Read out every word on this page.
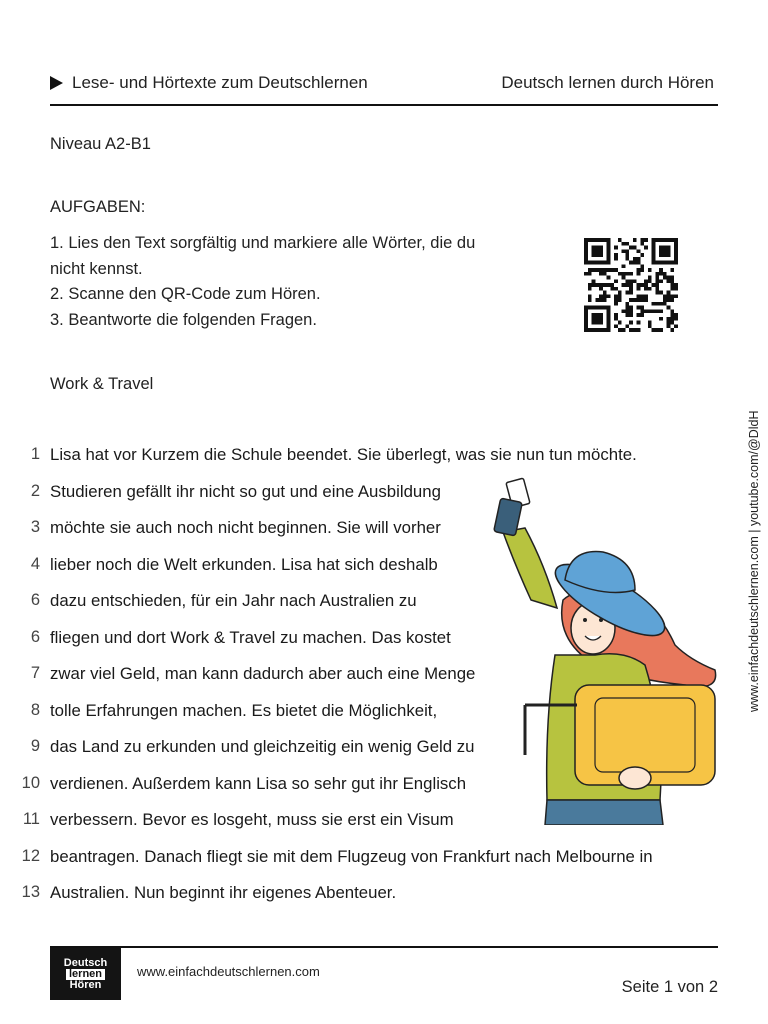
Lese- und Hörtexte zum Deutschlernen	Deutsch lernen durch Hören
Niveau A2-B1
AUFGABEN:
1. Lies den Text sorgfältig und markiere alle Wörter, die du
nicht kennst.
2. Scanne den QR-Code zum Hören.
3. Beantworte die folgenden Fragen.
Work & Travel
www.einfachdeutschlernen.com | youtube.com/@DldH
1 Lisa hat vor Kurzem die Schule beendet. Sie überlegt, was sie nun tun möchte.
2 Studieren gefällt ihr nicht so gut und eine Ausbildung
3 möchte sie auch noch nicht beginnen. Sie will vorher
4 lieber noch die Welt erkunden. Lisa hat sich deshalb
6 dazu entschieden, für ein Jahr nach Australien zu
6 fliegen und dort Work & Travel zu machen. Das kostet
7 zwar viel Geld, man kann dadurch aber auch eine Menge
8 tolle Erfahrungen machen. Es bietet die Möglichkeit,
9 das Land zu erkunden und gleichzeitig ein wenig Geld zu
10 verdienen. Außerdem kann Lisa so sehr gut ihr Englisch
11 verbessern. Bevor es losgeht, muss sie erst ein Visum
12 beantragen. Danach fliegt sie mit dem Flugzeug von Frankfurt nach Melbourne in
13 Australien. Nun beginnt ihr eigenes Abenteuer.
Deutsch
lernen
Hören
www.einfachdeutschlernen.com
Seite 1 von 2
